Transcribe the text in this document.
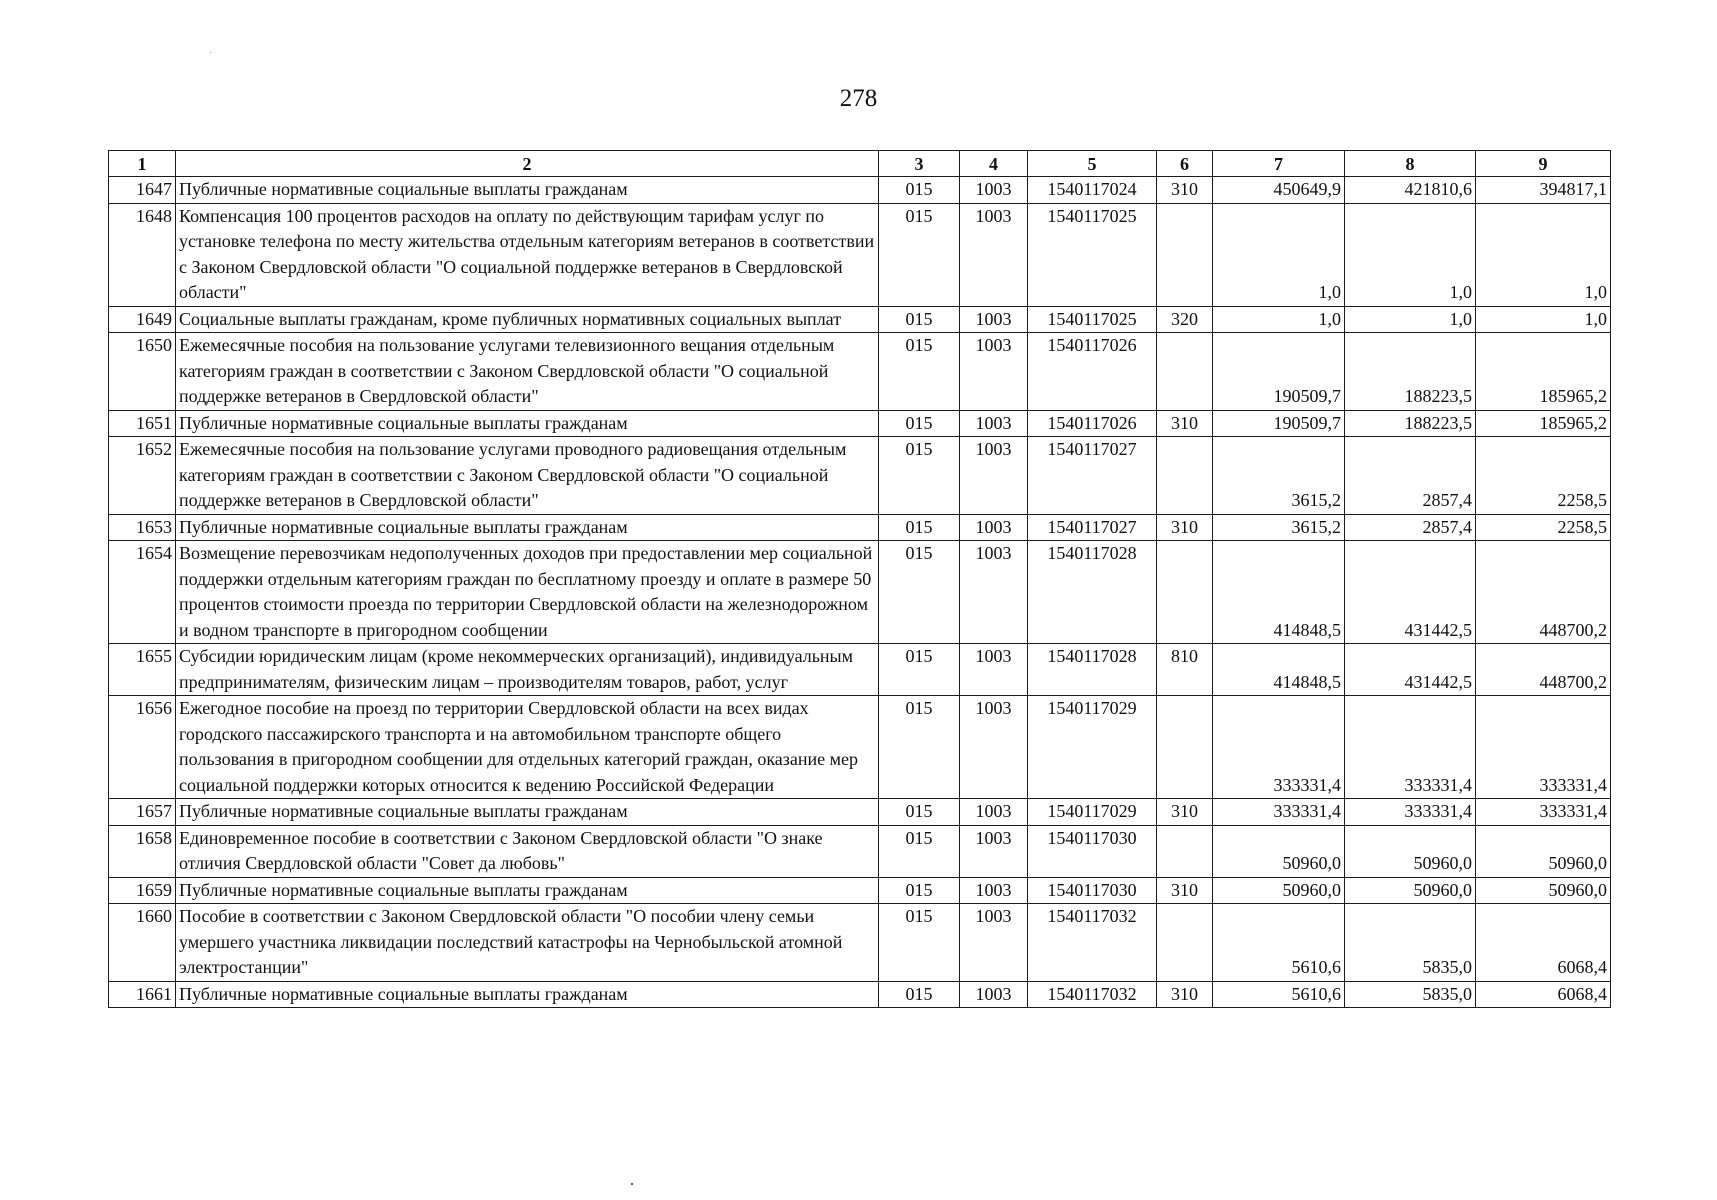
278
1	2	3	4	5	6	7	8	9
1647	Публичные нормативные социальные выплаты гражданам	015	1003	1540117024	310	450649,9	421810,6	394817,1
1648	Компенсация 100 процентов расходов на оплату по действующим тарифам услуг по установке телефона по месту жительства отдельным категориям ветеранов в соответствии с Законом Свердловской области "О социальной поддержке ветеранов в Свердловской области"	015	1003	1540117025		1,0	1,0	1,0
1649	Социальные выплаты гражданам, кроме публичных нормативных социальных выплат	015	1003	1540117025	320	1,0	1,0	1,0
1650	Ежемесячные пособия на пользование услугами телевизионного вещания отдельным категориям граждан в соответствии с Законом Свердловской области "О социальной поддержке ветеранов в Свердловской области"	015	1003	1540117026		190509,7	188223,5	185965,2
1651	Публичные нормативные социальные выплаты гражданам	015	1003	1540117026	310	190509,7	188223,5	185965,2
1652	Ежемесячные пособия на пользование услугами проводного радиовещания отдельным категориям граждан в соответствии с Законом Свердловской области "О социальной поддержке ветеранов в Свердловской области"	015	1003	1540117027		3615,2	2857,4	2258,5
1653	Публичные нормативные социальные выплаты гражданам	015	1003	1540117027	310	3615,2	2857,4	2258,5
1654	Возмещение перевозчикам недополученных доходов при предоставлении мер социальной поддержки отдельным категориям граждан по бесплатному проезду и оплате в размере 50 процентов стоимости проезда по территории Свердловской области на железнодорожном и водном транспорте в пригородном сообщении	015	1003	1540117028		414848,5	431442,5	448700,2
1655	Субсидии юридическим лицам (кроме некоммерческих организаций), индивидуальным предпринимателям, физическим лицам – производителям товаров, работ, услуг	015	1003	1540117028	810	414848,5	431442,5	448700,2
1656	Ежегодное пособие на проезд по территории Свердловской области на всех видах городского пассажирского транспорта и на автомобильном транспорте общего пользования в пригородном сообщении для отдельных категорий граждан, оказание мер социальной поддержки которых относится к ведению Российской Федерации	015	1003	1540117029		333331,4	333331,4	333331,4
1657	Публичные нормативные социальные выплаты гражданам	015	1003	1540117029	310	333331,4	333331,4	333331,4
1658	Единовременное пособие в соответствии с Законом Свердловской области "О знаке отличия Свердловской области "Совет да любовь"	015	1003	1540117030		50960,0	50960,0	50960,0
1659	Публичные нормативные социальные выплаты гражданам	015	1003	1540117030	310	50960,0	50960,0	50960,0
1660	Пособие в соответствии с Законом Свердловской области "О пособии члену семьи умершего участника ликвидации последствий катастрофы на Чернобыльской атомной электростанции"	015	1003	1540117032		5610,6	5835,0	6068,4
1661	Публичные нормативные социальные выплаты гражданам	015	1003	1540117032	310	5610,6	5835,0	6068,4
